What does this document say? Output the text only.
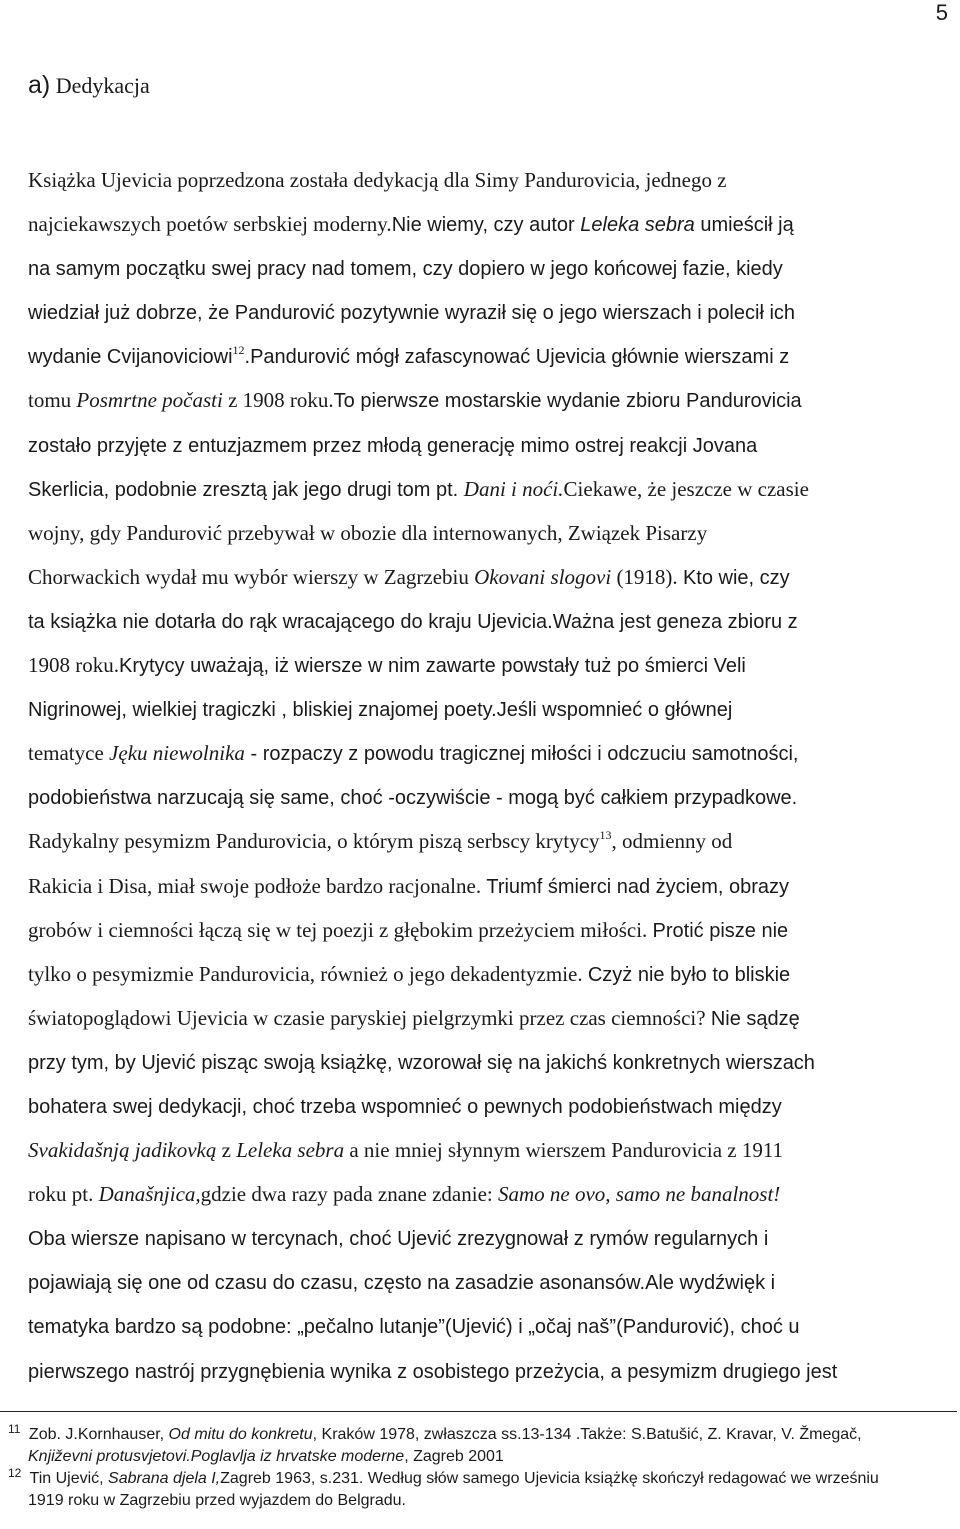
5
a) Dedykacja
Książka Ujevicia poprzedzona została dedykacją dla Simy Pandurovicia, jednego z
najciekawszych poetów serbskiej moderny.Nie wiemy, czy autor Leleka sebra umieścił ją
na samym początku swej pracy nad tomem, czy dopiero w jego końcowej fazie, kiedy
wiedział już dobrze, że Pandurović pozytywnie wyraził się o jego wierszach i polecił ich
wydanie Cvijanoviciowi$^{12}$.Pandurović mógł zafascynować Ujevicia głównie wierszami z
tomu Posmrtne počasti z 1908 roku.To pierwsze mostarskie wydanie zbioru Pandurovicia
zostało przyjęte z entuzjazmem przez młodą generację mimo ostrej reakcji Jovana
Skerlicia, podobnie zresztą jak jego drugi tom pt. Dani i noći.Ciekawe, że jeszcze w czasie
wojny, gdy Pandurović przebywał w obozie dla internowanych, Związek Pisarzy
Chorwackich wydał mu wybór wierszy w Zagrzebiu Okovani slogovi (1918). Kto wie, czy
ta książka nie dotarła do rąk wracającego do kraju Ujevicia.Ważna jest geneza zbioru z
1908 roku.Krytycy uważają, iż wiersze w nim zawarte powstały tuż po śmierci Veli
Nigrinowej, wielkiej tragiczki , bliskiej znajomej poety.Jeśli wspomnieć o głównej
tematyce Jęku niewolnika - rozpaczy z powodu tragicznej miłości i odczuciu samotności,
podobieństwa narzucają się same, choć -oczywiście - mogą być całkiem przypadkowe.
Radykalny pesymizm Pandurovicia, o którym piszą serbscy krytycy$^{13}$, odmienny od
Rakicia i Disa, miał swoje podłoże bardzo racjonalne. Triumf śmierci nad życiem, obrazy
grobów i ciemności łączą się w tej poezji z głębokim przeżyciem miłości. Protić pisze nie
tylko o pesymizmie Pandurovicia, również o jego dekadentyzmie. Czyż nie było to bliskie
światopoglądowi Ujevicia w czasie paryskiej pielgrzymki przez czas ciemności? Nie sądzę
przy tym, by Ujević pisząc swoją książkę, wzorował się na jakichś konkretnych wierszach
bohatera swej dedykacji, choć trzeba wspomnieć o pewnych podobieństwach między
Svakidašnją jadikovką z Leleka sebra a nie mniej słynnym wierszem Pandurovicia z 1911
roku pt. Današnjica,gdzie dwa razy pada znane zdanie: Samo ne ovo, samo ne banalnost!
Oba wiersze napisano w tercynach, choć Ujević zrezygnował z rymów regularnych i
pojawiają się one od czasu do czasu, często na zasadzie asonansów.Ale wydźwięk i
tematyka bardzo są podobne: „pečalno lutanje”(Ujević) i „očaj naš”(Pandurović), choć u
pierwszego nastrój przygnębienia wynika z osobistego przeżycia, a pesymizm drugiego jest
$^{11}$ Zob. J.Kornhauser, Od mitu do konkretu, Kraków 1978, zwłaszcza ss.13-134 .Także: S.Batušić, Z. Kravar, V. Žmegač,
Književni protusvjetovi.Poglavlja iz hrvatske moderne, Zagreb 2001
$^{12}$ Tin Ujević, Sabrana djela I,Zagreb 1963, s.231. Według słów samego Ujevicia książkę skończył redagować we wrześniu
1919 roku w Zagrzebiu przed wyjazdem do Belgradu.
